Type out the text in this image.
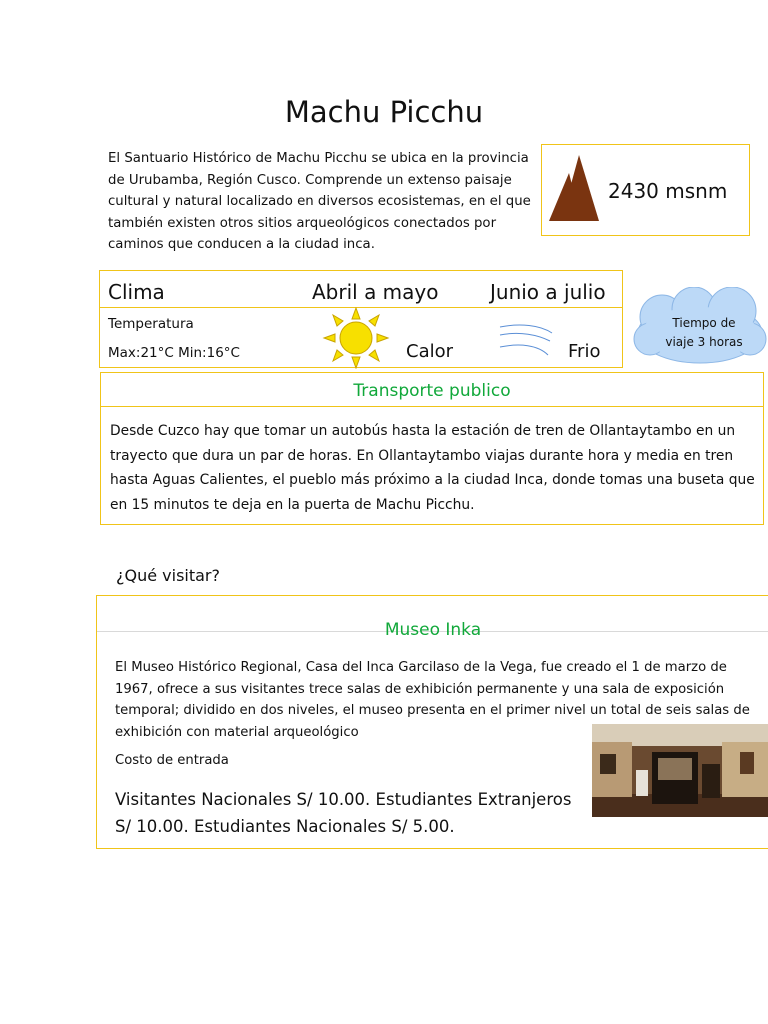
Machu Picchu
El Santuario Histórico de Machu Picchu se ubica en la provincia de Urubamba, Región Cusco. Comprende un extenso paisaje cultural y natural localizado en diversos ecosistemas, en el que también existen otros sitios arqueológicos conectados por caminos que conducen a la ciudad inca.
2430 msnm
Clima	Abril a mayo	Junio a julio
Temperatura
Max:21°C Min:16°C	Calor	Frio
Tiempo de
viaje 3 horas
Transporte publico
Desde Cuzco hay que tomar un autobús hasta la estación de tren de Ollantaytambo en un trayecto que dura un par de horas. En Ollantaytambo viajas durante hora y media en tren hasta Aguas Calientes, el pueblo más próximo a la ciudad Inca, donde tomas una buseta que en 15 minutos te deja en la puerta de Machu Picchu.
¿Qué visitar?
Museo Inka
El Museo Histórico Regional, Casa del Inca Garcilaso de la Vega, fue creado el 1 de marzo de 1967, ofrece a sus visitantes trece salas de exhibición permanente y una sala de exposición temporal; dividido en dos niveles, el museo presenta en el primer nivel un total de seis salas de exhibición con material arqueológico
Costo de entrada
Visitantes Nacionales S/ 10.00. Estudiantes Extranjeros S/ 10.00. Estudiantes Nacionales S/ 5.00.
